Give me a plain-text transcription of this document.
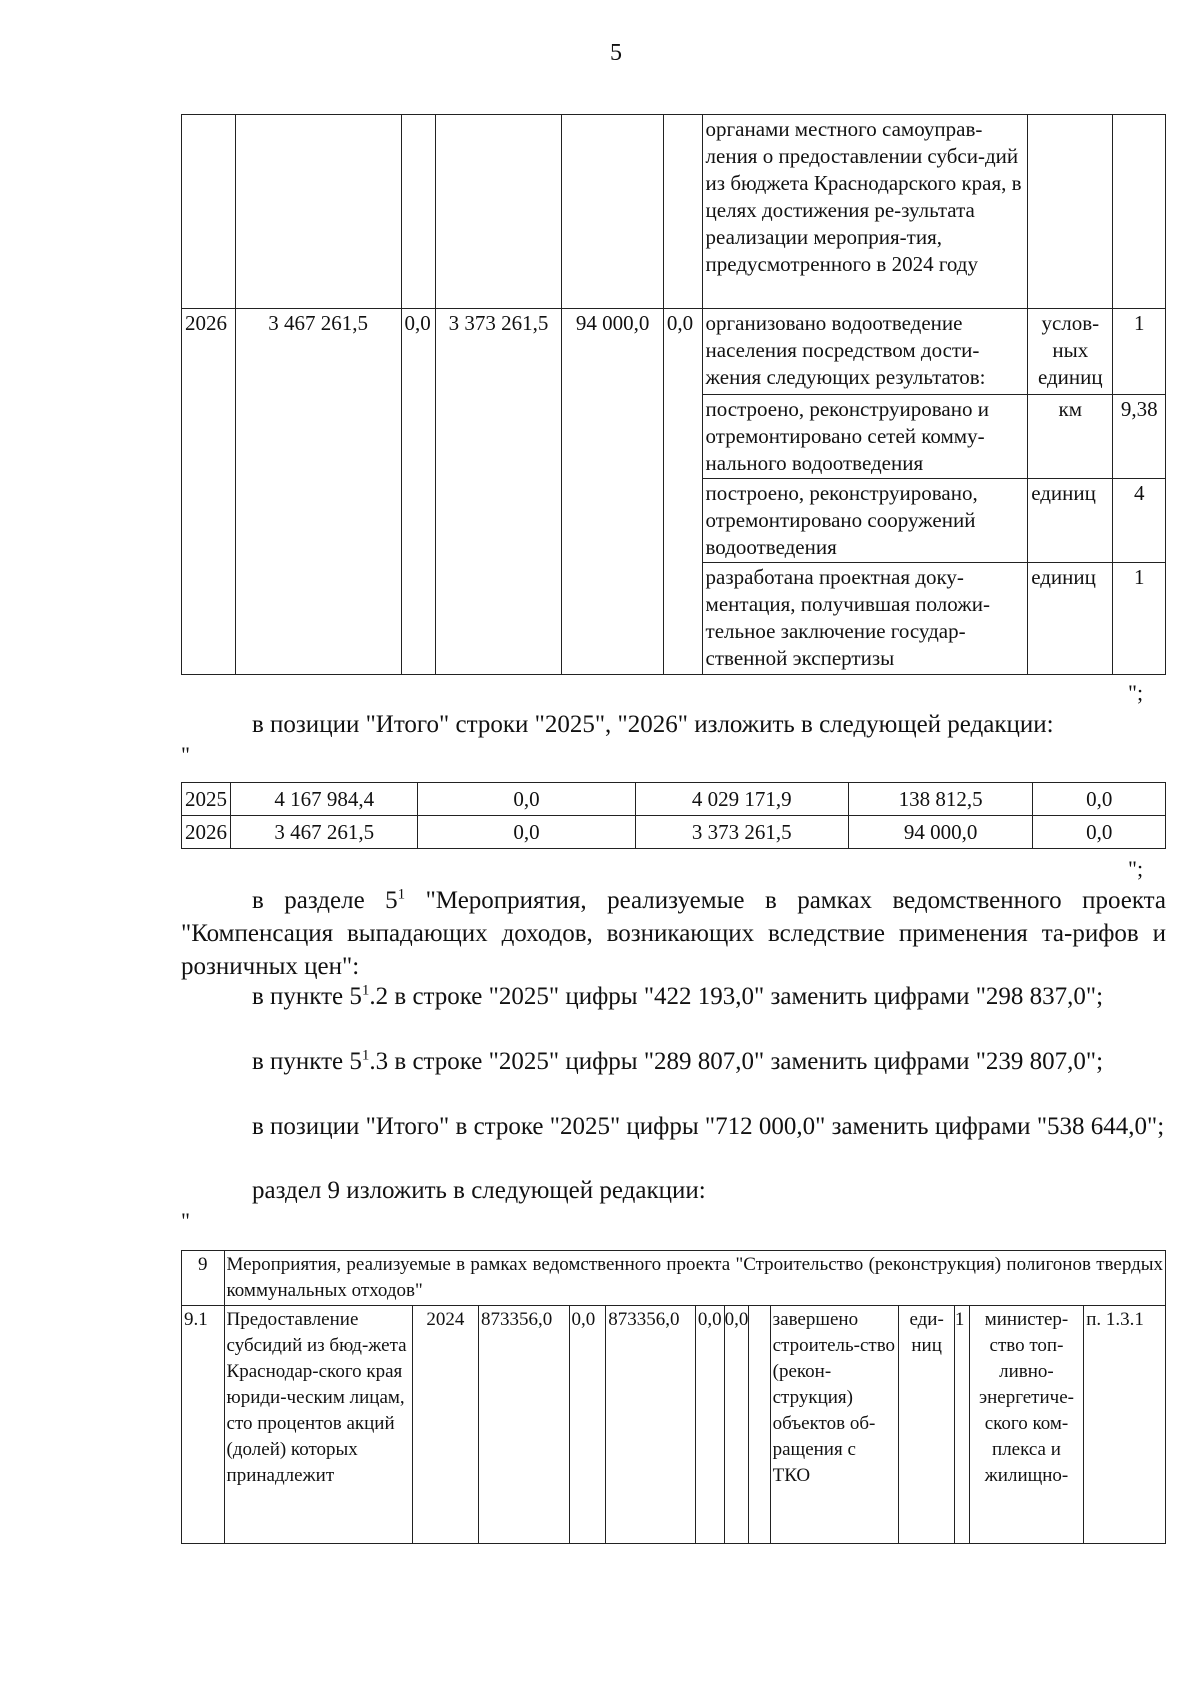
5
						органами местного самоуправ-ления о предоставлении субси-дий из бюджета Краснодарского края, в целях достижения ре-зультата реализации мероприя-тия, предусмотренного в 2024 году		
2026	3 467 261,5	0,0	3 373 261,5	94 000,0	0,0	организовано водоотведение населения посредством дости-жения следующих результатов:	услов-ных единиц	1
						построено, реконструировано и отремонтировано сетей комму-нального водоотведения	км	9,38
						построено, реконструировано, отремонтировано сооружений водоотведения	единиц	4
						разработана проектная доку-ментация, получившая положи-тельное заключение государ-ственной экспертизы	единиц	1
";
в позиции "Итого" строки "2025", "2026" изложить в следующей редакции:
"
2025	4 167 984,4	0,0	4 029 171,9	138 812,5	0,0
2026	3 467 261,5	0,0	3 373 261,5	94 000,0	0,0
";
в разделе $5^1$ "Мероприятия, реализуемые в рамках ведомственного проекта "Компенсация выпадающих доходов, возникающих вследствие применения та-рифов и розничных цен":
в пункте $5^1.2$ в строке "2025" цифры "422 193,0" заменить цифрами "298 837,0";
в пункте $5^1.3$ в строке "2025" цифры "289 807,0" заменить цифрами "239 807,0";
в позиции "Итого" в строке "2025" цифры "712 000,0" заменить цифрами "538 644,0";
раздел 9 изложить в следующей редакции:
"
9	Мероприятия, реализуемые в рамках ведомственного проекта "Строительство (реконструкция) полигонов твердых коммунальных отходов"												
9.1	Предоставление субсидий из бюд-жета Краснодар-ского края юриди-ческим лицам, сто процентов акций (долей) которых принадлежит	2024	873356,0	0,0	873356,0	0,0	0,0		завершено строитель-ство (рекон-струкция) объектов об-ращения с ТКО	еди-ниц	1	министер-ство топ-ливно-энергетиче-ского ком-плекса и жилищно-	п. 1.3.1
